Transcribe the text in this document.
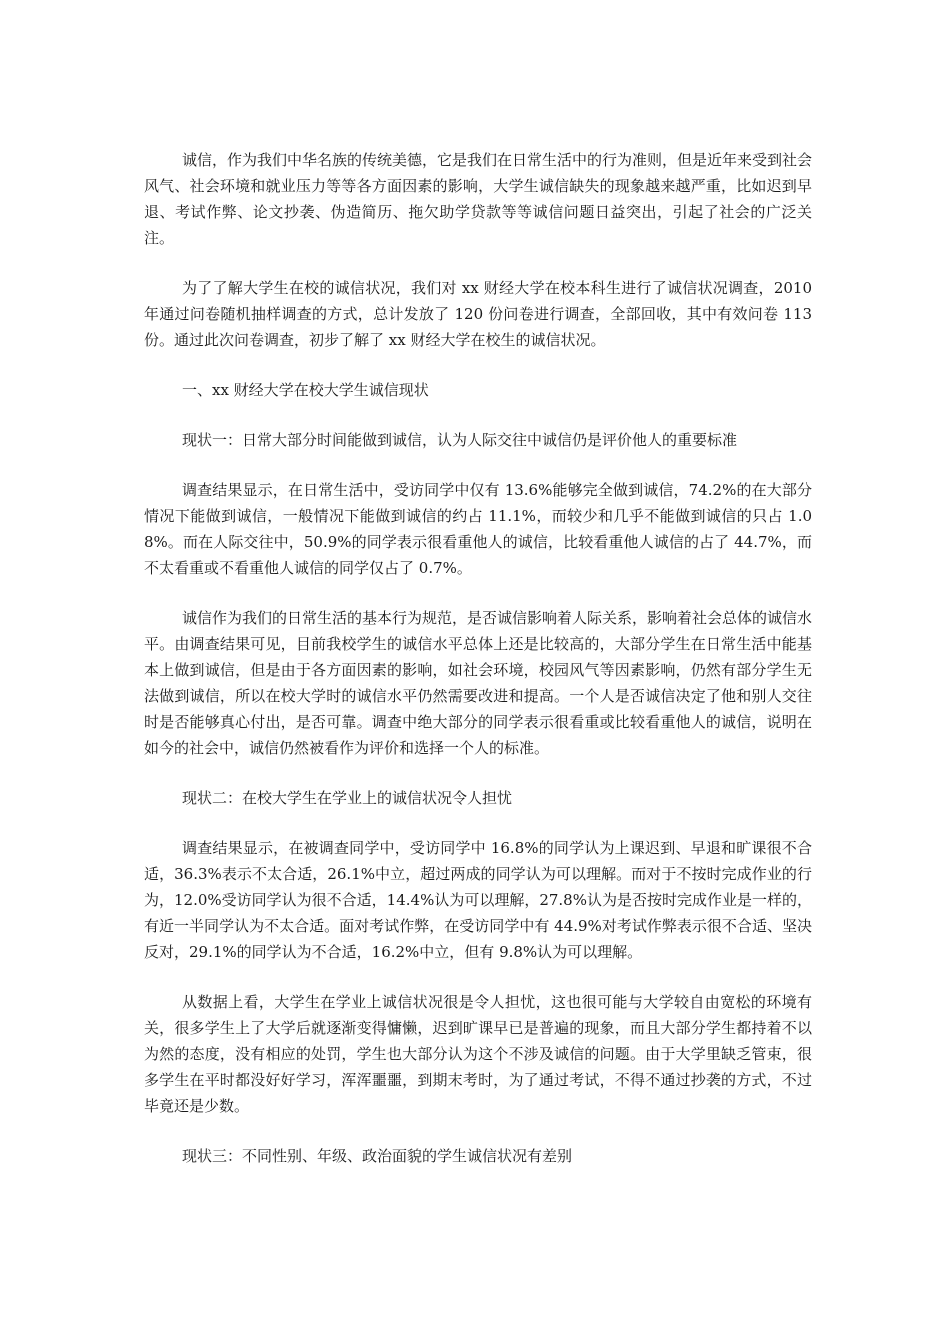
诚信，作为我们中华名族的传统美德，它是我们在日常生活中的行为准则，但是近年来受到社会风气、社会环境和就业压力等等各方面因素的影响，大学生诚信缺失的现象越来越严重，比如迟到早退、考试作弊、论文抄袭、伪造简历、拖欠助学贷款等等诚信问题日益突出，引起了社会的广泛关注。

为了了解大学生在校的诚信状况，我们对 xx 财经大学在校本科生进行了诚信状况调查，2010 年通过问卷随机抽样调查的方式，总计发放了 120 份问卷进行调查，全部回收，其中有效问卷 113 份。通过此次问卷调查，初步了解了 xx 财经大学在校生的诚信状况。

一、xx 财经大学在校大学生诚信现状

现状一：日常大部分时间能做到诚信，认为人际交往中诚信仍是评价他人的重要标准

调查结果显示，在日常生活中，受访同学中仅有 13.6%能够完全做到诚信，74.2%的在大部分情况下能做到诚信，一般情况下能做到诚信的约占 11.1%，而较少和几乎不能做到诚信的只占 1.08%。而在人际交往中，50.9%的同学表示很看重他人的诚信，比较看重他人诚信的占了 44.7%，而不太看重或不看重他人诚信的同学仅占了 0.7%。

诚信作为我们的日常生活的基本行为规范，是否诚信影响着人际关系，影响着社会总体的诚信水平。由调查结果可见，目前我校学生的诚信水平总体上还是比较高的，大部分学生在日常生活中能基本上做到诚信，但是由于各方面因素的影响，如社会环境，校园风气等因素影响，仍然有部分学生无法做到诚信，所以在校大学时的诚信水平仍然需要改进和提高。一个人是否诚信决定了他和别人交往时是否能够真心付出，是否可靠。调查中绝大部分的同学表示很看重或比较看重他人的诚信，说明在如今的社会中，诚信仍然被看作为评价和选择一个人的标准。

现状二：在校大学生在学业上的诚信状况令人担忧

调查结果显示，在被调查同学中，受访同学中 16.8%的同学认为上课迟到、早退和旷课很不合适，36.3%表示不太合适，26.1%中立，超过两成的同学认为可以理解。而对于不按时完成作业的行为，12.0%受访同学认为很不合适，14.4%认为可以理解，27.8%认为是否按时完成作业是一样的，有近一半同学认为不太合适。面对考试作弊，在受访同学中有 44.9%对考试作弊表示很不合适、坚决反对，29.1%的同学认为不合适，16.2%中立，但有 9.8%认为可以理解。

从数据上看，大学生在学业上诚信状况很是令人担忧，这也很可能与大学较自由宽松的环境有关，很多学生上了大学后就逐渐变得慵懒，迟到旷课早已是普遍的现象，而且大部分学生都持着不以为然的态度，没有相应的处罚，学生也大部分认为这个不涉及诚信的问题。由于大学里缺乏管束，很多学生在平时都没好好学习，浑浑噩噩，到期末考时，为了通过考试，不得不通过抄袭的方式，不过毕竟还是少数。

现状三：不同性别、年级、政治面貌的学生诚信状况有差别
